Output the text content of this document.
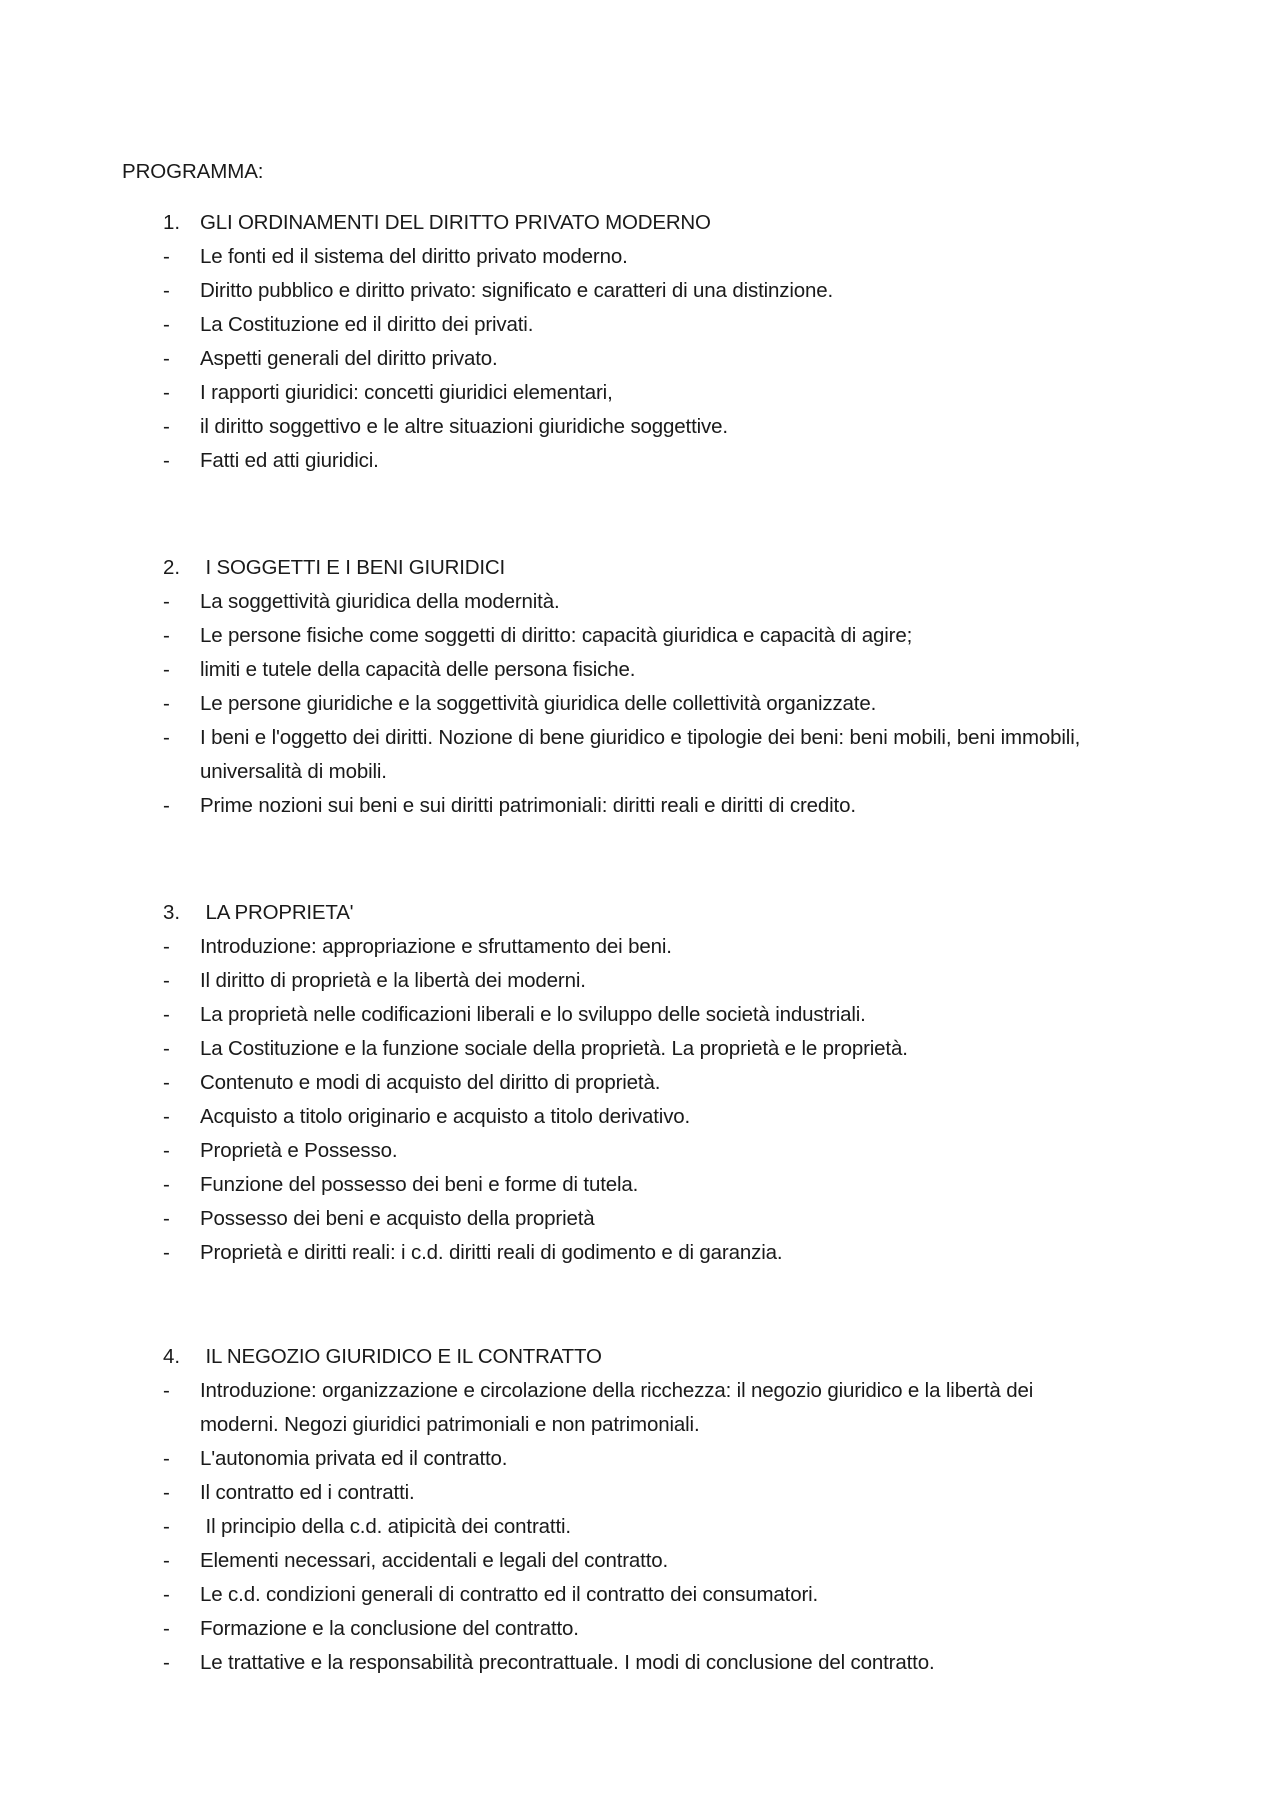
PROGRAMMA:
1. GLI ORDINAMENTI DEL DIRITTO PRIVATO MODERNO
- Le fonti ed il sistema del diritto privato moderno.
- Diritto pubblico e diritto privato: significato e caratteri di una distinzione.
- La Costituzione ed il diritto dei privati.
- Aspetti generali del diritto privato.
- I rapporti giuridici: concetti giuridici elementari,
- il diritto soggettivo e le altre situazioni giuridiche soggettive.
- Fatti ed atti giuridici.
2. I SOGGETTI E I BENI GIURIDICI
- La soggettività giuridica della modernità.
- Le persone fisiche come soggetti di diritto: capacità giuridica e capacità di agire;
- limiti e tutele della capacità delle persona fisiche.
- Le persone giuridiche e la soggettività giuridica delle collettività organizzate.
- I beni e l'oggetto dei diritti. Nozione di bene giuridico e tipologie dei beni: beni mobili, beni immobili, universalità di mobili.
- Prime nozioni sui beni e sui diritti patrimoniali: diritti reali e diritti di credito.
3. LA PROPRIETA'
- Introduzione: appropriazione e sfruttamento dei beni.
- Il diritto di proprietà e la libertà dei moderni.
- La proprietà nelle codificazioni liberali e lo sviluppo delle società industriali.
- La Costituzione e la funzione sociale della proprietà. La proprietà e le proprietà.
- Contenuto e modi di acquisto del diritto di proprietà.
- Acquisto a titolo originario e acquisto a titolo derivativo.
- Proprietà e Possesso.
- Funzione del possesso dei beni e forme di tutela.
- Possesso dei beni e acquisto della proprietà
- Proprietà e diritti reali: i c.d. diritti reali di godimento e di garanzia.
4. IL NEGOZIO GIURIDICO E IL CONTRATTO
- Introduzione: organizzazione e circolazione della ricchezza: il negozio giuridico e la libertà dei moderni. Negozi giuridici patrimoniali e non patrimoniali.
- L'autonomia privata ed il contratto.
- Il contratto ed i contratti.
- Il principio della c.d. atipicità dei contratti.
- Elementi necessari, accidentali e legali del contratto.
- Le c.d. condizioni generali di contratto ed il contratto dei consumatori.
- Formazione e la conclusione del contratto.
- Le trattative e la responsabilità precontrattuale. I modi di conclusione del contratto.
